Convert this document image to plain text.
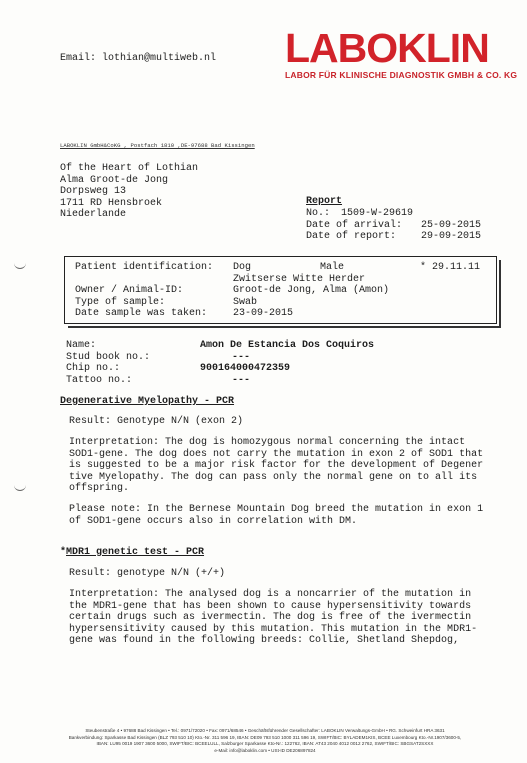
Email: lothian@multiweb.nl LABOKLIN
LABOR FÜR KLINISCHE DIAGNOSTIK GMBH & CO. KG
LABOKLIN GmbH&CoKG , Postfach 1810 ,DE-97688 Bad Kissingen
Of the Heart of Lothian
Alma Groot-de Jong
Dorpsweg 13
1711 RD Hensbroek
Niederlande
Report
No.: 1509-W-29619
Date of arrival: 25-09-2015
Date of report: 29-09-2015
Patient identification: Dog	Male	* 29.11.11
Zwitserse Witte Herder
Owner / Animal-ID:	Groot-de Jong, Alma (Amon)
Type of sample:	Swab
Date sample was taken:	23-09-2015
Name:	Amon De Estancia Dos Coquiros
Stud book no.:	---
Chip no.:	900164000472359
Tattoo no.:	---
Degenerative Myelopathy - PCR
Result: Genotype N/N (exon 2)
Interpretation: The dog is homozygous normal concerning the intact
SOD1-gene. The dog does not carry the mutation in exon 2 of SOD1 that
is suggested to be a major risk factor for the development of Degener
tive Myelopathy. The dog can pass only the normal gene on to all its
offspring.
Please note: In the Bernese Mountain Dog breed the mutation in exon 1
of SOD1-gene occurs also in correlation with DM.
* MDR1 genetic test - PCR
Result: genotype N/N (+/+)
Interpretation: The analysed dog is a noncarrier of the mutation in
the MDR1-gene that has been shown to cause hypersensitivity towards
certain drugs such as ivermectin. The dog is free of the ivermectin
hypersensitivity caused by this mutation. This mutation in the MDR1-
gene was found in the following breeds: Collie, Shetland Shepdog,
Steubenstraße 4 • 97688 Bad Kissingen • Tel.: 0971/72020 • Fax: 0971/68546 • Geschäftsführender Gesellschafter: LABOKLIN Verwaltungs-GmbH • RG. Schweinfurt HRA 3631
Bankverbindung: Sparkasse Bad Kissingen (BLZ 793 510 10) Kto.-Nr. 311 596 19, IBAN: DE09 793 510 1000 311 596 19, SWIFT/BIC: BYLADEM1KIS, BCEE Luxembourg Kto.-Nr.1907/3600-5,
IBAN: LU95 0019 1907 3600 5000, SWIFT/BIC: BCEELULL, Salzburger Sparkasse Kto-Nr.: 122762, IBAN: AT43 2040 4012 0012 2762, SWIFT/BIC: SBGSAT2SXXX
e-Mail: info@laboklin.com • USt-ID DE206897824
